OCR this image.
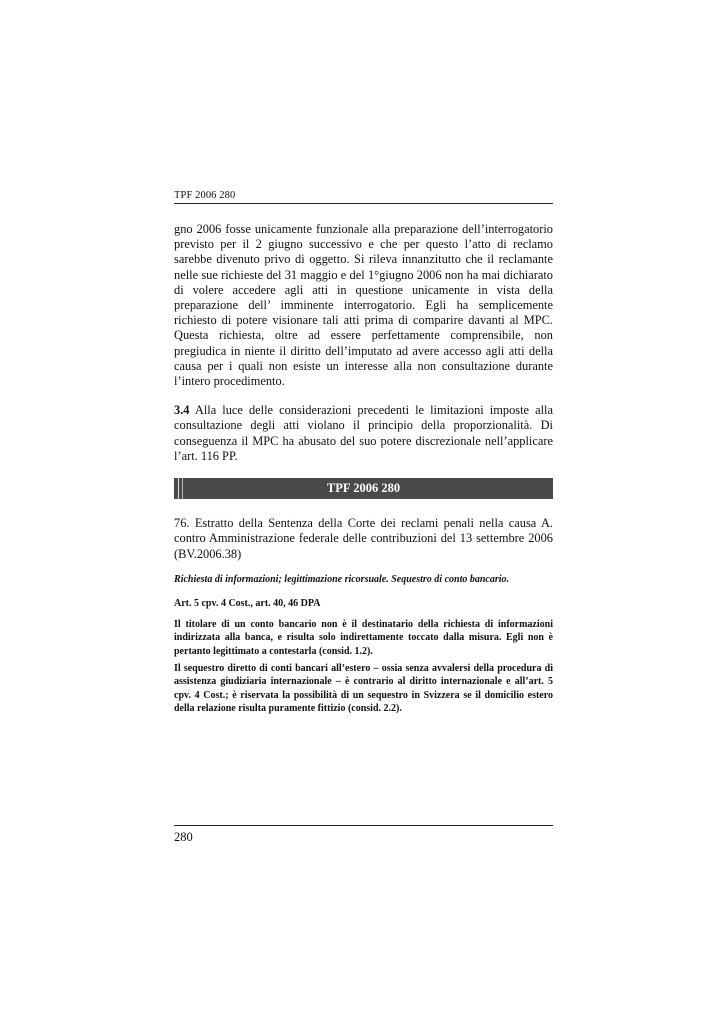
TPF 2006 280

gno 2006 fosse unicamente funzionale alla preparazione dell’interrogatorio previsto per il 2 giugno successivo e che per questo l’atto di reclamo sarebbe divenuto privo di oggetto. Si rileva innanzitutto che il reclamante nelle sue richieste del 31 maggio e del 1°giugno 2006 non ha mai dichiarato di volere accedere agli atti in questione unicamente in vista della preparazione dell’ imminente interrogatorio. Egli ha semplicemente richiesto di potere visionare tali atti prima di comparire davanti al MPC. Questa richiesta, oltre ad essere perfettamente comprensibile, non pregiudica in niente il diritto dell’imputato ad avere accesso agli atti della causa per i quali non esiste un interesse alla non consultazione durante l’intero procedimento.

3.4 Alla luce delle considerazioni precedenti le limitazioni imposte alla consultazione degli atti violano il principio della proporzionalità. Di conseguenza il MPC ha abusato del suo potere discrezionale nell’applicare l’art. 116 PP.

TPF 2006 280

76. Estratto della Sentenza della Corte dei reclami penali nella causa A. contro Amministrazione federale delle contribuzioni del 13 settembre 2006 (BV.2006.38)

Richiesta di informazioni; legittimazione ricorsuale. Sequestro di conto bancario.

Art. 5 cpv. 4 Cost., art. 40, 46 DPA

Il titolare di un conto bancario non è il destinatario della richiesta di informazioni indirizzata alla banca, e risulta solo indirettamente toccato dalla misura. Egli non è pertanto legittimato a contestarla (consid. 1.2).

Il sequestro diretto di conti bancari all’estero – ossia senza avvalersi della procedura di assistenza giudiziaria internazionale – è contrario al diritto internazionale e all’art. 5 cpv. 4 Cost.; è riservata la possibilità di un sequestro in Svizzera se il domicilio estero della relazione risulta puramente fittizio (consid. 2.2).

280
